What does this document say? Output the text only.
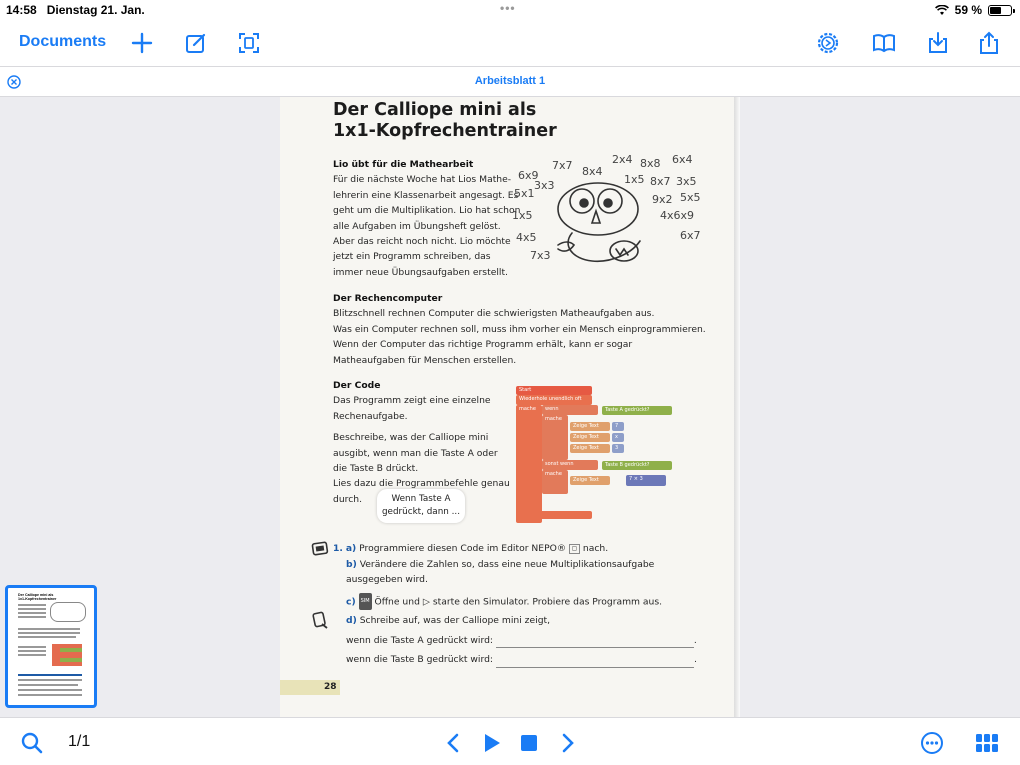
14:58 Dienstag 21. Jan.	•••	59 %
Documents
Arbeitsblatt 1
Der Calliope mini als
1x1-Kopfrechentrainer
Der Calliope mini als
1x1-Kopfrechentrainer
Lio übt für die Mathearbeit
Für die nächste Woche hat Lios Mathe-
lehrerin eine Klassenarbeit angesagt. Es
geht um die Multiplikation. Lio hat schon
alle Aufgaben im Übungsheft gelöst.
Aber das reicht noch nicht. Lio möchte
jetzt ein Programm schreiben, das
immer neue Übungsaufgaben erstellt.
6x9
7x7 8x4
2x4 8x8 6x4
5x1
3x3	8x7 3x5
9x2 5x5
1x5	4x6x9
4x5
7x3
6x7
1x5
Der Rechencomputer
Blitzschnell rechnen Computer die schwierigsten Matheaufgaben aus.
Was ein Computer rechnen soll, muss ihm vorher ein Mensch einprogrammieren.
Wenn der Computer das richtige Programm erhält, kann er sogar
Matheaufgaben für Menschen erstellen.
Der Code
Das Programm zeigt eine einzelne
Rechenaufgabe.
Beschreibe, was der Calliope mini
ausgibt, wenn man die Taste A oder
die Taste B drückt.
Lies dazu die Programmbefehle genau
durch.	Wenn Taste A
gedrückt, dann ...
Start
Wiederhole unendlich oft
mache	wenn	Taste A gedrückt?
mache
Zeige Text	7
Zeige Text	x
Zeige Text	3
sonst wenn	Taste B gedrückt?
mache
Zeige Text	7 × 3
1. a) Programmiere diesen Code im Editor NEPO® ▢ nach.
b) Verändere die Zahlen so, dass eine neue Multiplikationsaufgabe
ausgegeben wird.
c) SIM Öffne und ▷ starte den Simulator. Probiere das Programm aus.
d) Schreibe auf, was der Calliope mini zeigt,
wenn die Taste A gedrückt wird:	.
wenn die Taste B gedrückt wird:	.
28
1/1
